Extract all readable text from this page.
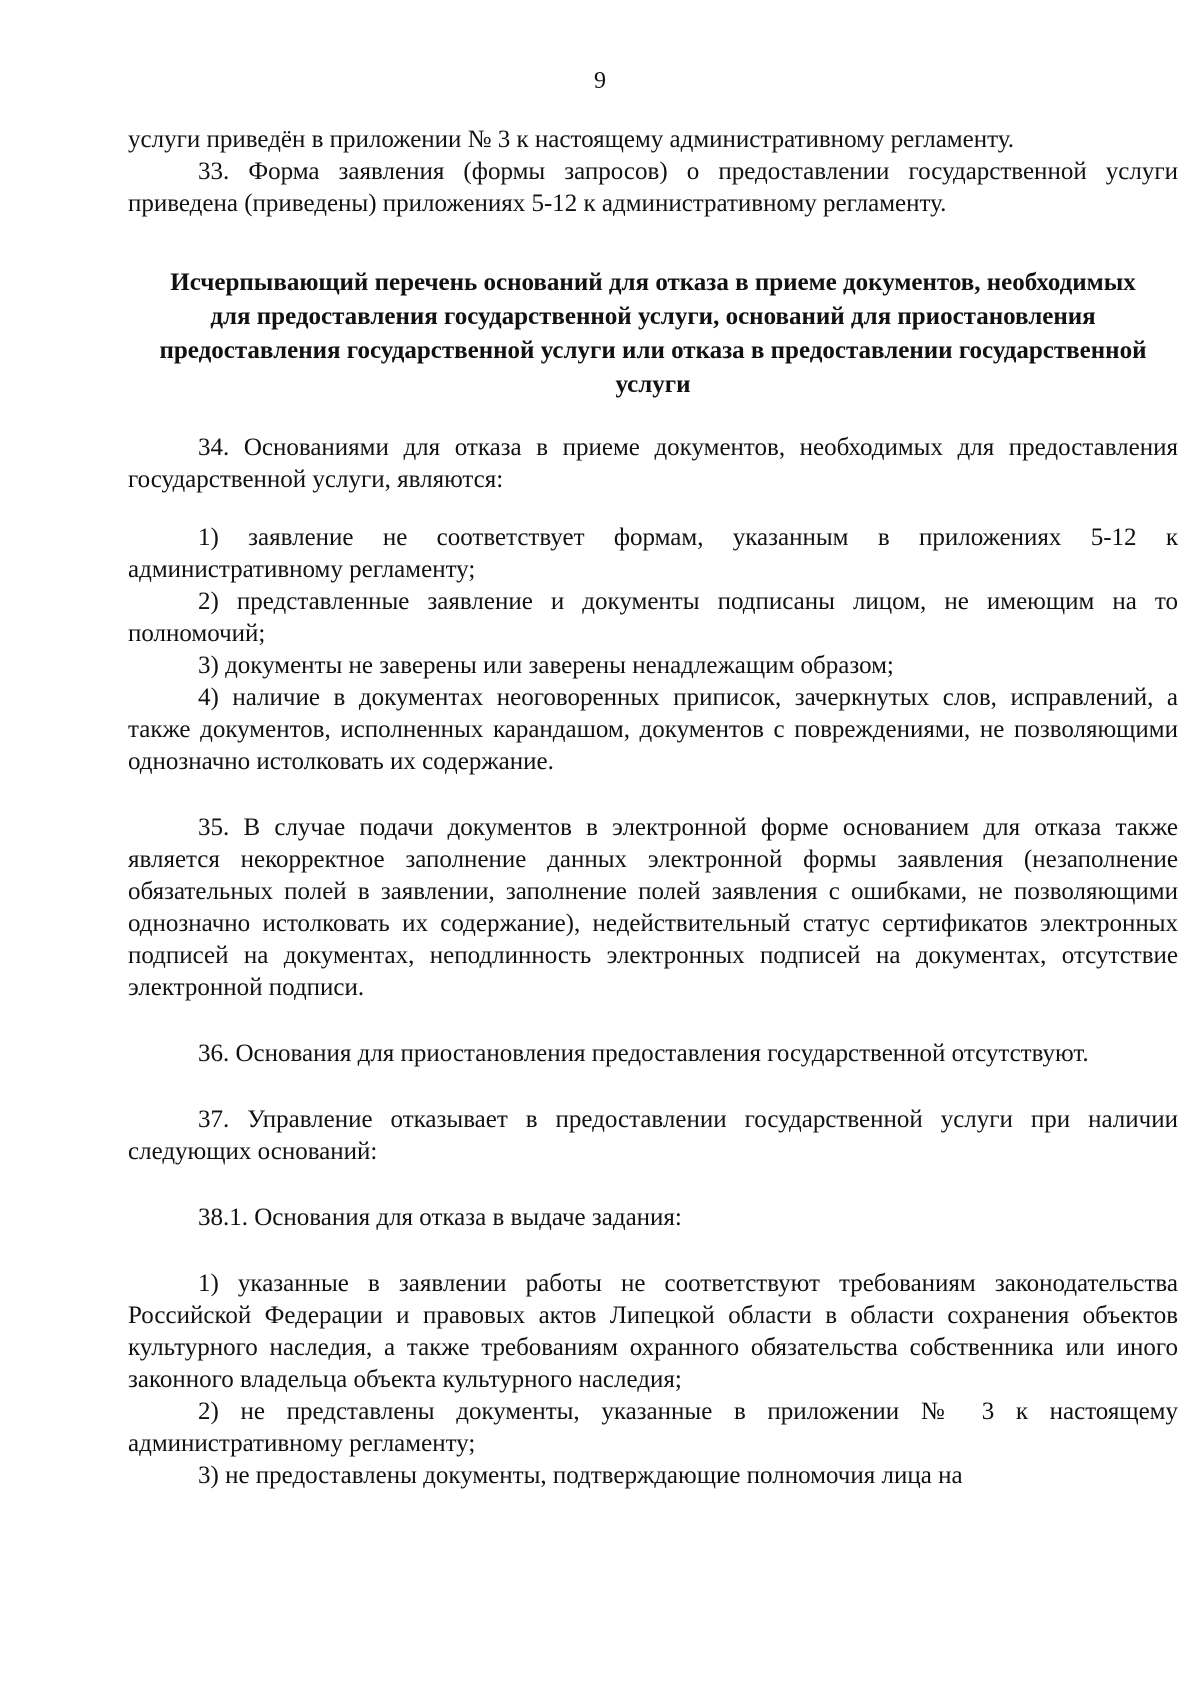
9

услуги приведён в приложении № 3 к настоящему административному регламенту.

33. Форма заявления (формы запросов) о предоставлении государственной услуги приведена (приведены) приложениях 5-12 к административному регламенту.

Исчерпывающий перечень оснований для отказа в приеме документов, необходимых для предоставления государственной услуги, оснований для приостановления предоставления государственной услуги или отказа в предоставлении государственной услуги

34. Основаниями для отказа в приеме документов, необходимых для предоставления государственной услуги, являются:

1) заявление не соответствует формам, указанным в приложениях 5-12 к административному регламенту;

2) представленные заявление и документы подписаны лицом, не имеющим на то полномочий;

3) документы не заверены или заверены ненадлежащим образом;

4) наличие в документах неоговоренных приписок, зачеркнутых слов, исправлений, а также документов, исполненных карандашом, документов с повреждениями, не позволяющими однозначно истолковать их содержание.

35. В случае подачи документов в электронной форме основанием для отказа также является некорректное заполнение данных электронной формы заявления (незаполнение обязательных полей в заявлении, заполнение полей заявления с ошибками, не позволяющими однозначно истолковать их содержание), недействительный статус сертификатов электронных подписей на документах, неподлинность электронных подписей на документах, отсутствие электронной подписи.

36. Основания для приостановления предоставления государственной отсутствуют.

37. Управление отказывает в предоставлении государственной услуги при наличии следующих оснований:

38.1. Основания для отказа в выдаче задания:

1) указанные в заявлении работы не соответствуют требованиям законодательства Российской Федерации и правовых актов Липецкой области в области сохранения объектов культурного наследия, а также требованиям охранного обязательства собственника или иного законного владельца объекта культурного наследия;

2) не представлены документы, указанные в приложении № 3 к настоящему административному регламенту;

3) не предоставлены документы, подтверждающие полномочия лица на
